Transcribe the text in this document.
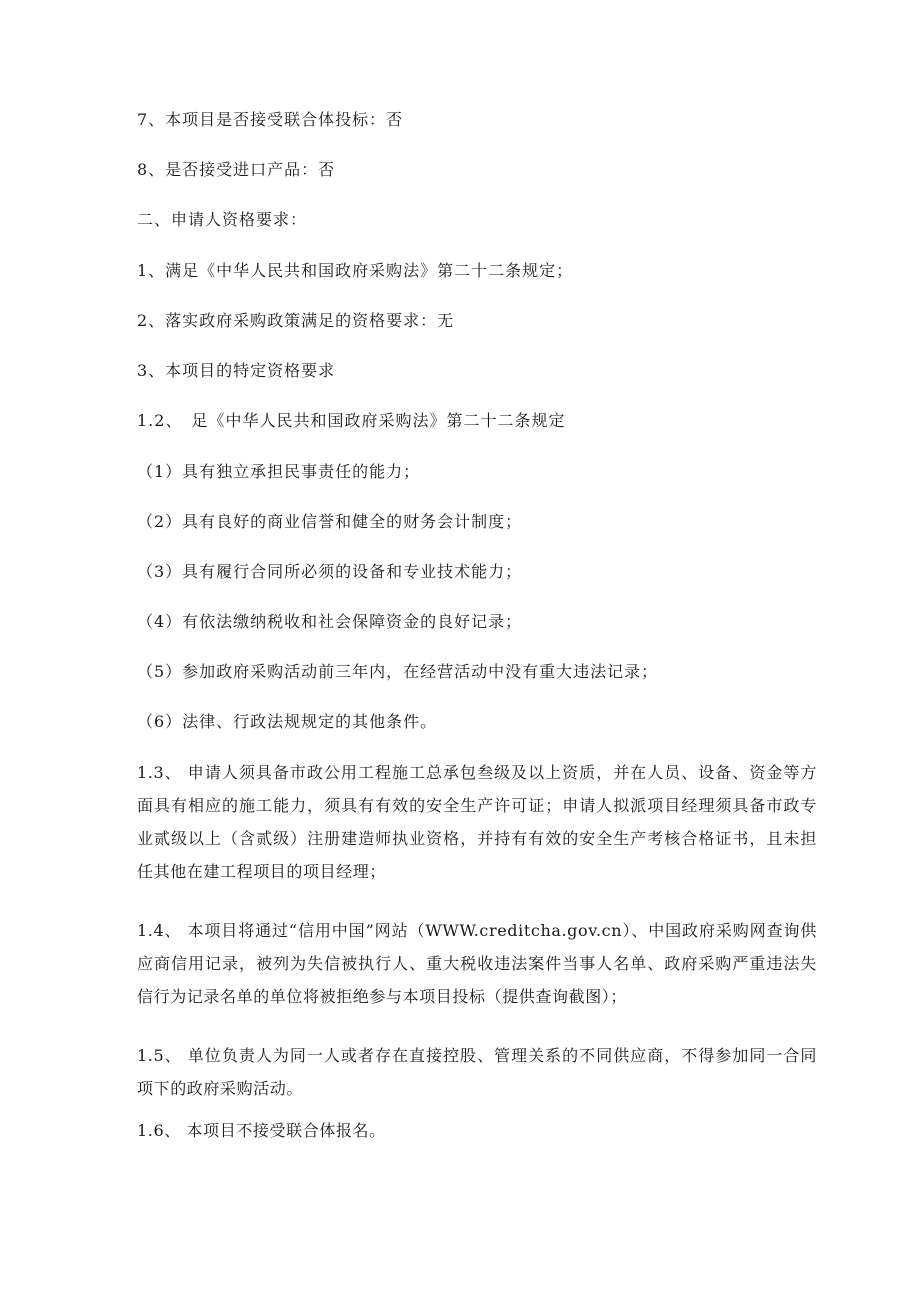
7、本项目是否接受联合体投标：否

8、是否接受进口产品：否

二、申请人资格要求：

1、满足《中华人民共和国政府采购法》第二十二条规定；

2、落实政府采购政策满足的资格要求：无

3、本项目的特定资格要求

1.2、　足《中华人民共和国政府采购法》第二十二条规定

（1）具有独立承担民事责任的能力；

（2）具有良好的商业信誉和健全的财务会计制度；

（3）具有履行合同所必须的设备和专业技术能力；

（4）有依法缴纳税收和社会保障资金的良好记录；

（5）参加政府采购活动前三年内，在经营活动中没有重大违法记录；

（6）法律、行政法规规定的其他条件。

1.3、 申请人须具备市政公用工程施工总承包叁级及以上资质，并在人员、设备、资金等方面具有相应的施工能力，须具有有效的安全生产许可证；申请人拟派项目经理须具备市政专业贰级以上（含贰级）注册建造师执业资格，并持有有效的安全生产考核合格证书，且未担任其他在建工程项目的项目经理；

1.4、 本项目将通过“信用中国”网站（WWW.creditcha.gov.cn）、中国政府采购网查询供应商信用记录，被列为失信被执行人、重大税收违法案件当事人名单、政府采购严重违法失信行为记录名单的单位将被拒绝参与本项目投标（提供查询截图）；

1.5、 单位负责人为同一人或者存在直接控股、管理关系的不同供应商，不得参加同一合同项下的政府采购活动。

1.6、 本项目不接受联合体报名。
